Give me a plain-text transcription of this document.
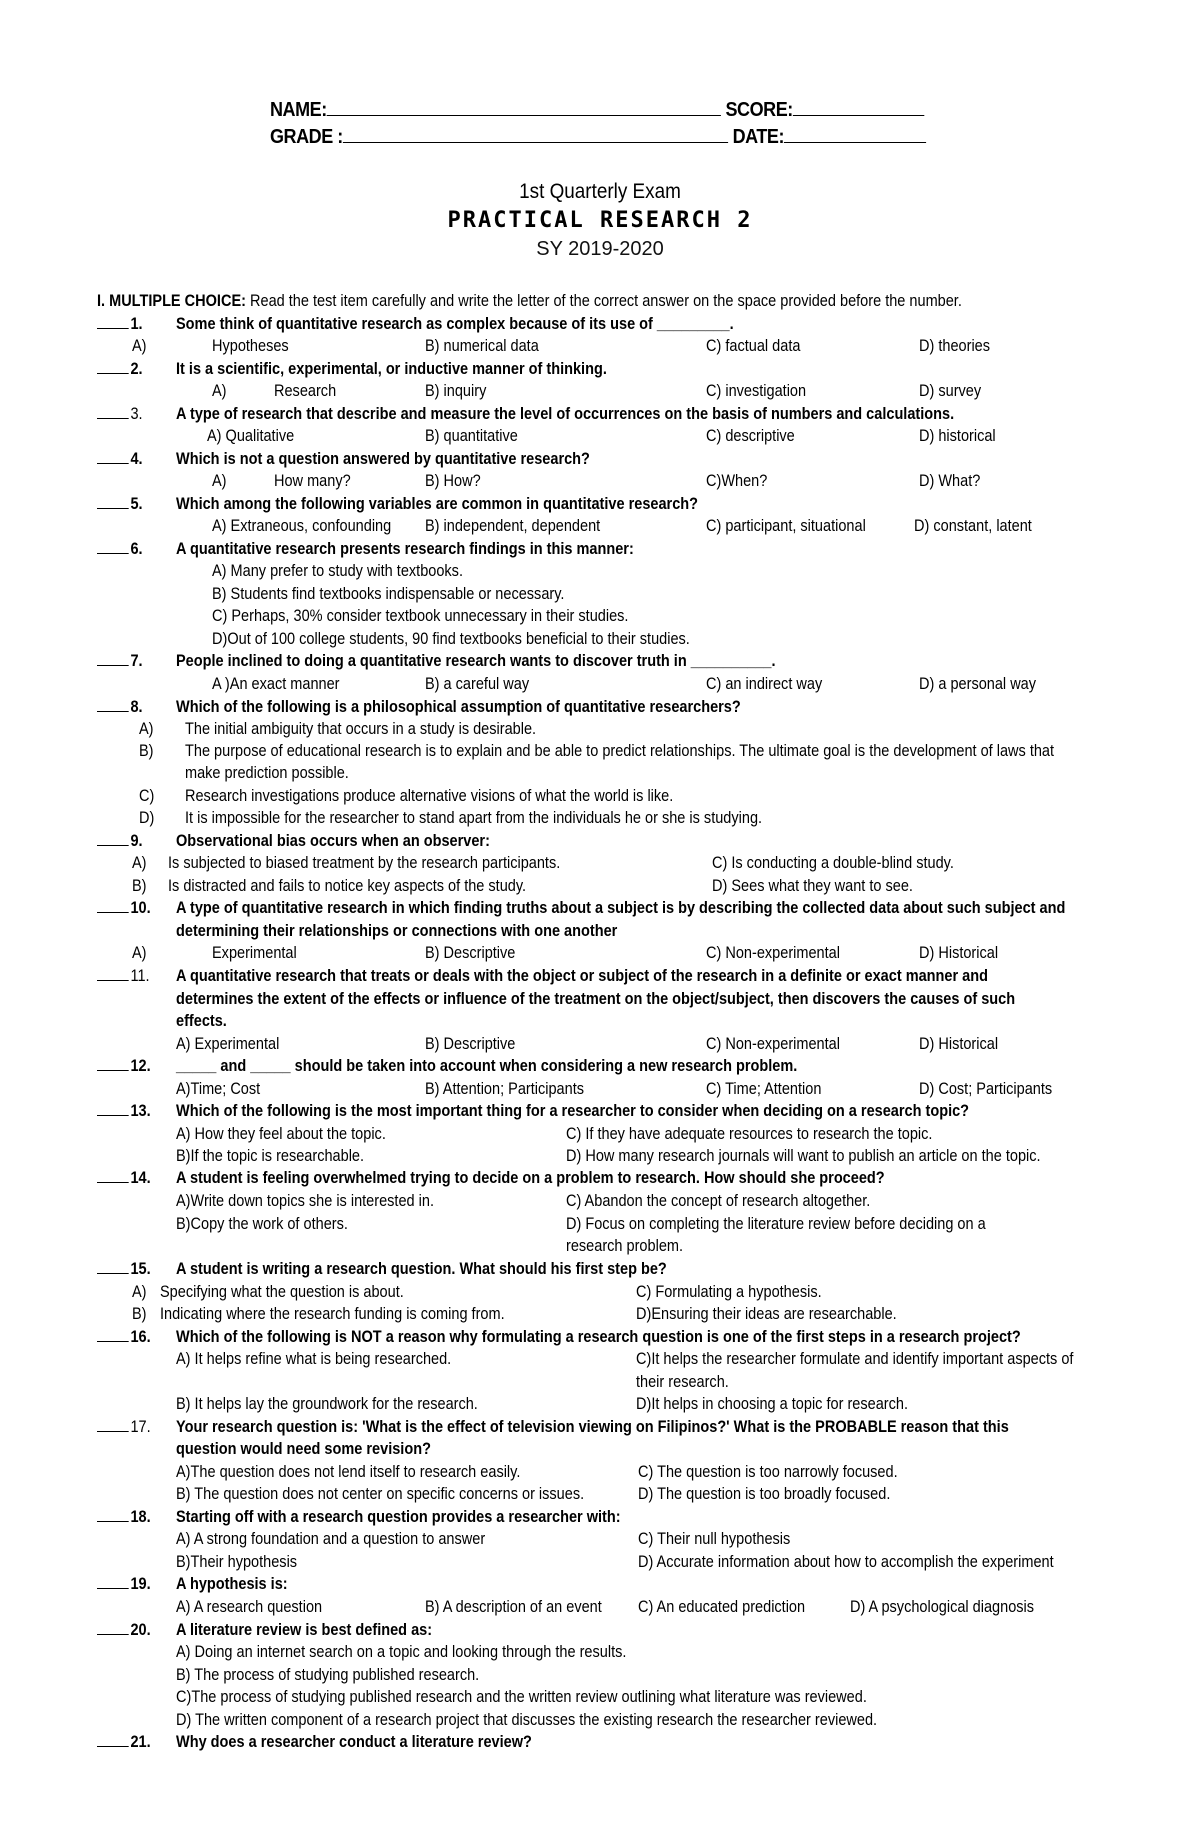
NAME:	SCORE:
GRADE :	DATE:
1st Quarterly Exam
PRACTICAL RESEARCH 2
SY 2019-2020
I. MULTIPLE CHOICE: Read the test item carefully and write the letter of the correct answer on the space provided before the number.
1. Some think of quantitative research as complex because of its use of _________.
A)	Hypotheses	B) numerical data	C) factual data	D) theories
2. It is a scientific, experimental, or inductive manner of thinking.
A)	Research	B) inquiry	C) investigation	D) survey
3. A type of research that describe and measure the level of occurrences on the basis of numbers and calculations.
A) Qualitative	B) quantitative	C) descriptive	D) historical
4. Which is not a question answered by quantitative research?
A)	How many?	B) How?	C)When?	D) What?
5. Which among the following variables are common in quantitative research?
A) Extraneous, confounding B) independent, dependent	C) participant, situational	D) constant, latent
6. A quantitative research presents research findings in this manner:
A) Many prefer to study with textbooks.
B) Students find textbooks indispensable or necessary.
C) Perhaps, 30% consider textbook unnecessary in their studies.
D)Out of 100 college students, 90 find textbooks beneficial to their studies.
7. People inclined to doing a quantitative research wants to discover truth in __________.
A )An exact manner	B) a careful way	C) an indirect way	D) a personal way
8. Which of the following is a philosophical assumption of quantitative researchers?
A) The initial ambiguity that occurs in a study is desirable.
B) The purpose of educational research is to explain and be able to predict relationships. The ultimate goal is the development of laws that
make prediction possible.
C) Research investigations produce alternative visions of what the world is like.
D) It is impossible for the researcher to stand apart from the individuals he or she is studying.
9. Observational bias occurs when an observer:
A) Is subjected to biased treatment by the research participants.	C) Is conducting a double-blind study.
B) Is distracted and fails to notice key aspects of the study.	D) Sees what they want to see.
10. A type of quantitative research in which finding truths about a subject is by describing the collected data about such subject and
determining their relationships or connections with one another
A)	Experimental	B) Descriptive	C) Non-experimental	D) Historical
11. A quantitative research that treats or deals with the object or subject of the research in a definite or exact manner and
determines the extent of the effects or influence of the treatment on the object/subject, then discovers the causes of such
effects.
A) Experimental	B) Descriptive	C) Non-experimental	D) Historical
12. _____ and _____ should be taken into account when considering a new research problem.
A)Time; Cost	B) Attention; Participants	C) Time; Attention	D) Cost; Participants
13. Which of the following is the most important thing for a researcher to consider when deciding on a research topic?
A) How they feel about the topic.	C) If they have adequate resources to research the topic.
B)If the topic is researchable.	D) How many research journals will want to publish an article on the topic.
14. A student is feeling overwhelmed trying to decide on a problem to research. How should she proceed?
A)Write down topics she is interested in.	C) Abandon the concept of research altogether.
B)Copy the work of others.	D) Focus on completing the literature review before deciding on a
research problem.
15. A student is writing a research question. What should his first step be?
A) Specifying what the question is about.	C) Formulating a hypothesis.
B) Indicating where the research funding is coming from.	D)Ensuring their ideas are researchable.
16. Which of the following is NOT a reason why formulating a research question is one of the first steps in a research project?
A) It helps refine what is being researched.	C)It helps the researcher formulate and identify important aspects of
their research.
B) It helps lay the groundwork for the research.	D)It helps in choosing a topic for research.
17. Your research question is: 'What is the effect of television viewing on Filipinos?' What is the PROBABLE reason that this
question would need some revision?
A)The question does not lend itself to research easily.	C) The question is too narrowly focused.
B) The question does not center on specific concerns or issues.	D) The question is too broadly focused.
18. Starting off with a research question provides a researcher with:
A) A strong foundation and a question to answer	C) Their null hypothesis
B)Their hypothesis	D) Accurate information about how to accomplish the experiment
19. A hypothesis is:
A) A research question	B) A description of an event C) An educated prediction	D) A psychological diagnosis
20. A literature review is best defined as:
A) Doing an internet search on a topic and looking through the results.
B) The process of studying published research.
C)The process of studying published research and the written review outlining what literature was reviewed.
D) The written component of a research project that discusses the existing research the researcher reviewed.
21. Why does a researcher conduct a literature review?
